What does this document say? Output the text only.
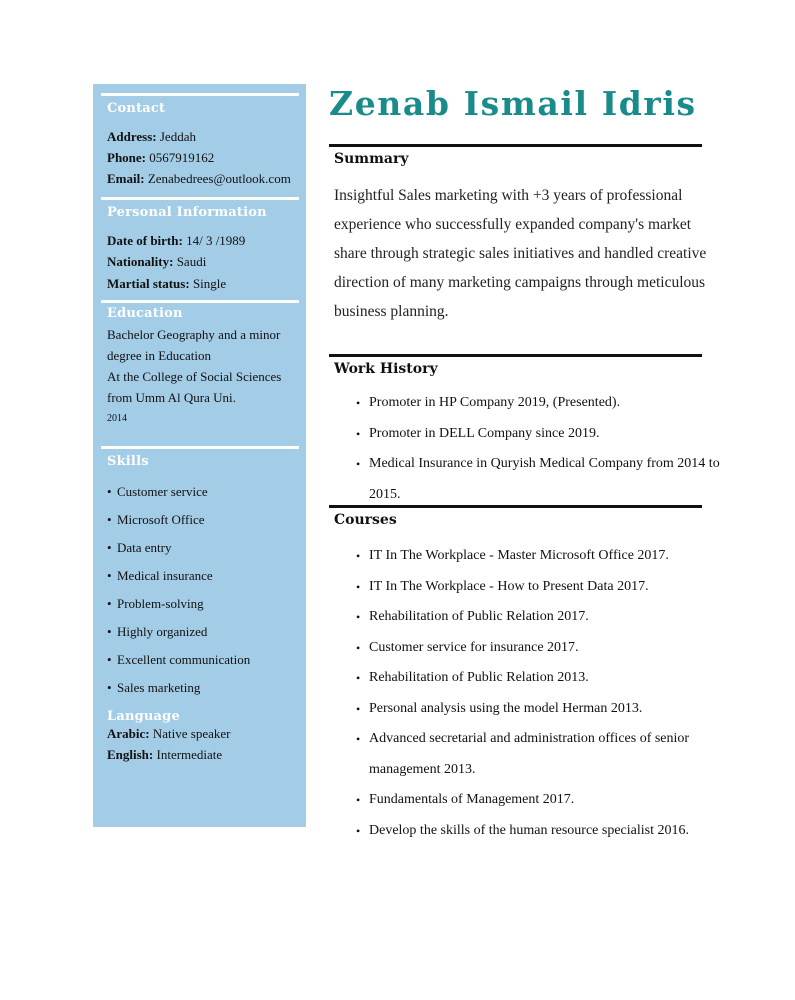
Contact

Address: Jeddah

Phone: 0567919162

Email: Zenabedrees@outlook.com

Personal Information

Date of birth: 14/ 3 /1989

Nationality: Saudi

Martial status: Single

Education
Bachelor Geography and a minor
degree in Education
At the College of Social Sciences
from Umm Al Qura Uni.
2014
Skills
• Customer service
• Microsoft Office
• Data entry
• Medical insurance
• Problem-solving
• Highly organized
• Excellent communication
• Sales marketing
Language

Arabic: Native speaker

English: Intermediate

Zenab Ismail Idris
Summary

Insightful Sales marketing with +3 years of professional experience who successfully expanded company's market share through strategic sales initiatives and handled creative direction of many marketing campaigns through meticulous business planning.

Work History
• Promoter in HP Company 2019, (Presented).
• Promoter in DELL Company since 2019.
• Medical Insurance in Quryish Medical Company from 2014 to 2015.
Courses
• IT In The Workplace - Master Microsoft Office 2017.
• IT In The Workplace - How to Present Data 2017.
• Rehabilitation of Public Relation 2017.
• Customer service for insurance 2017.
• Rehabilitation of Public Relation 2013.
• Personal analysis using the model Herman 2013.
• Advanced secretarial and administration offices of senior management 2013.
• Fundamentals of Management 2017.
• Develop the skills of the human resource specialist 2016.
